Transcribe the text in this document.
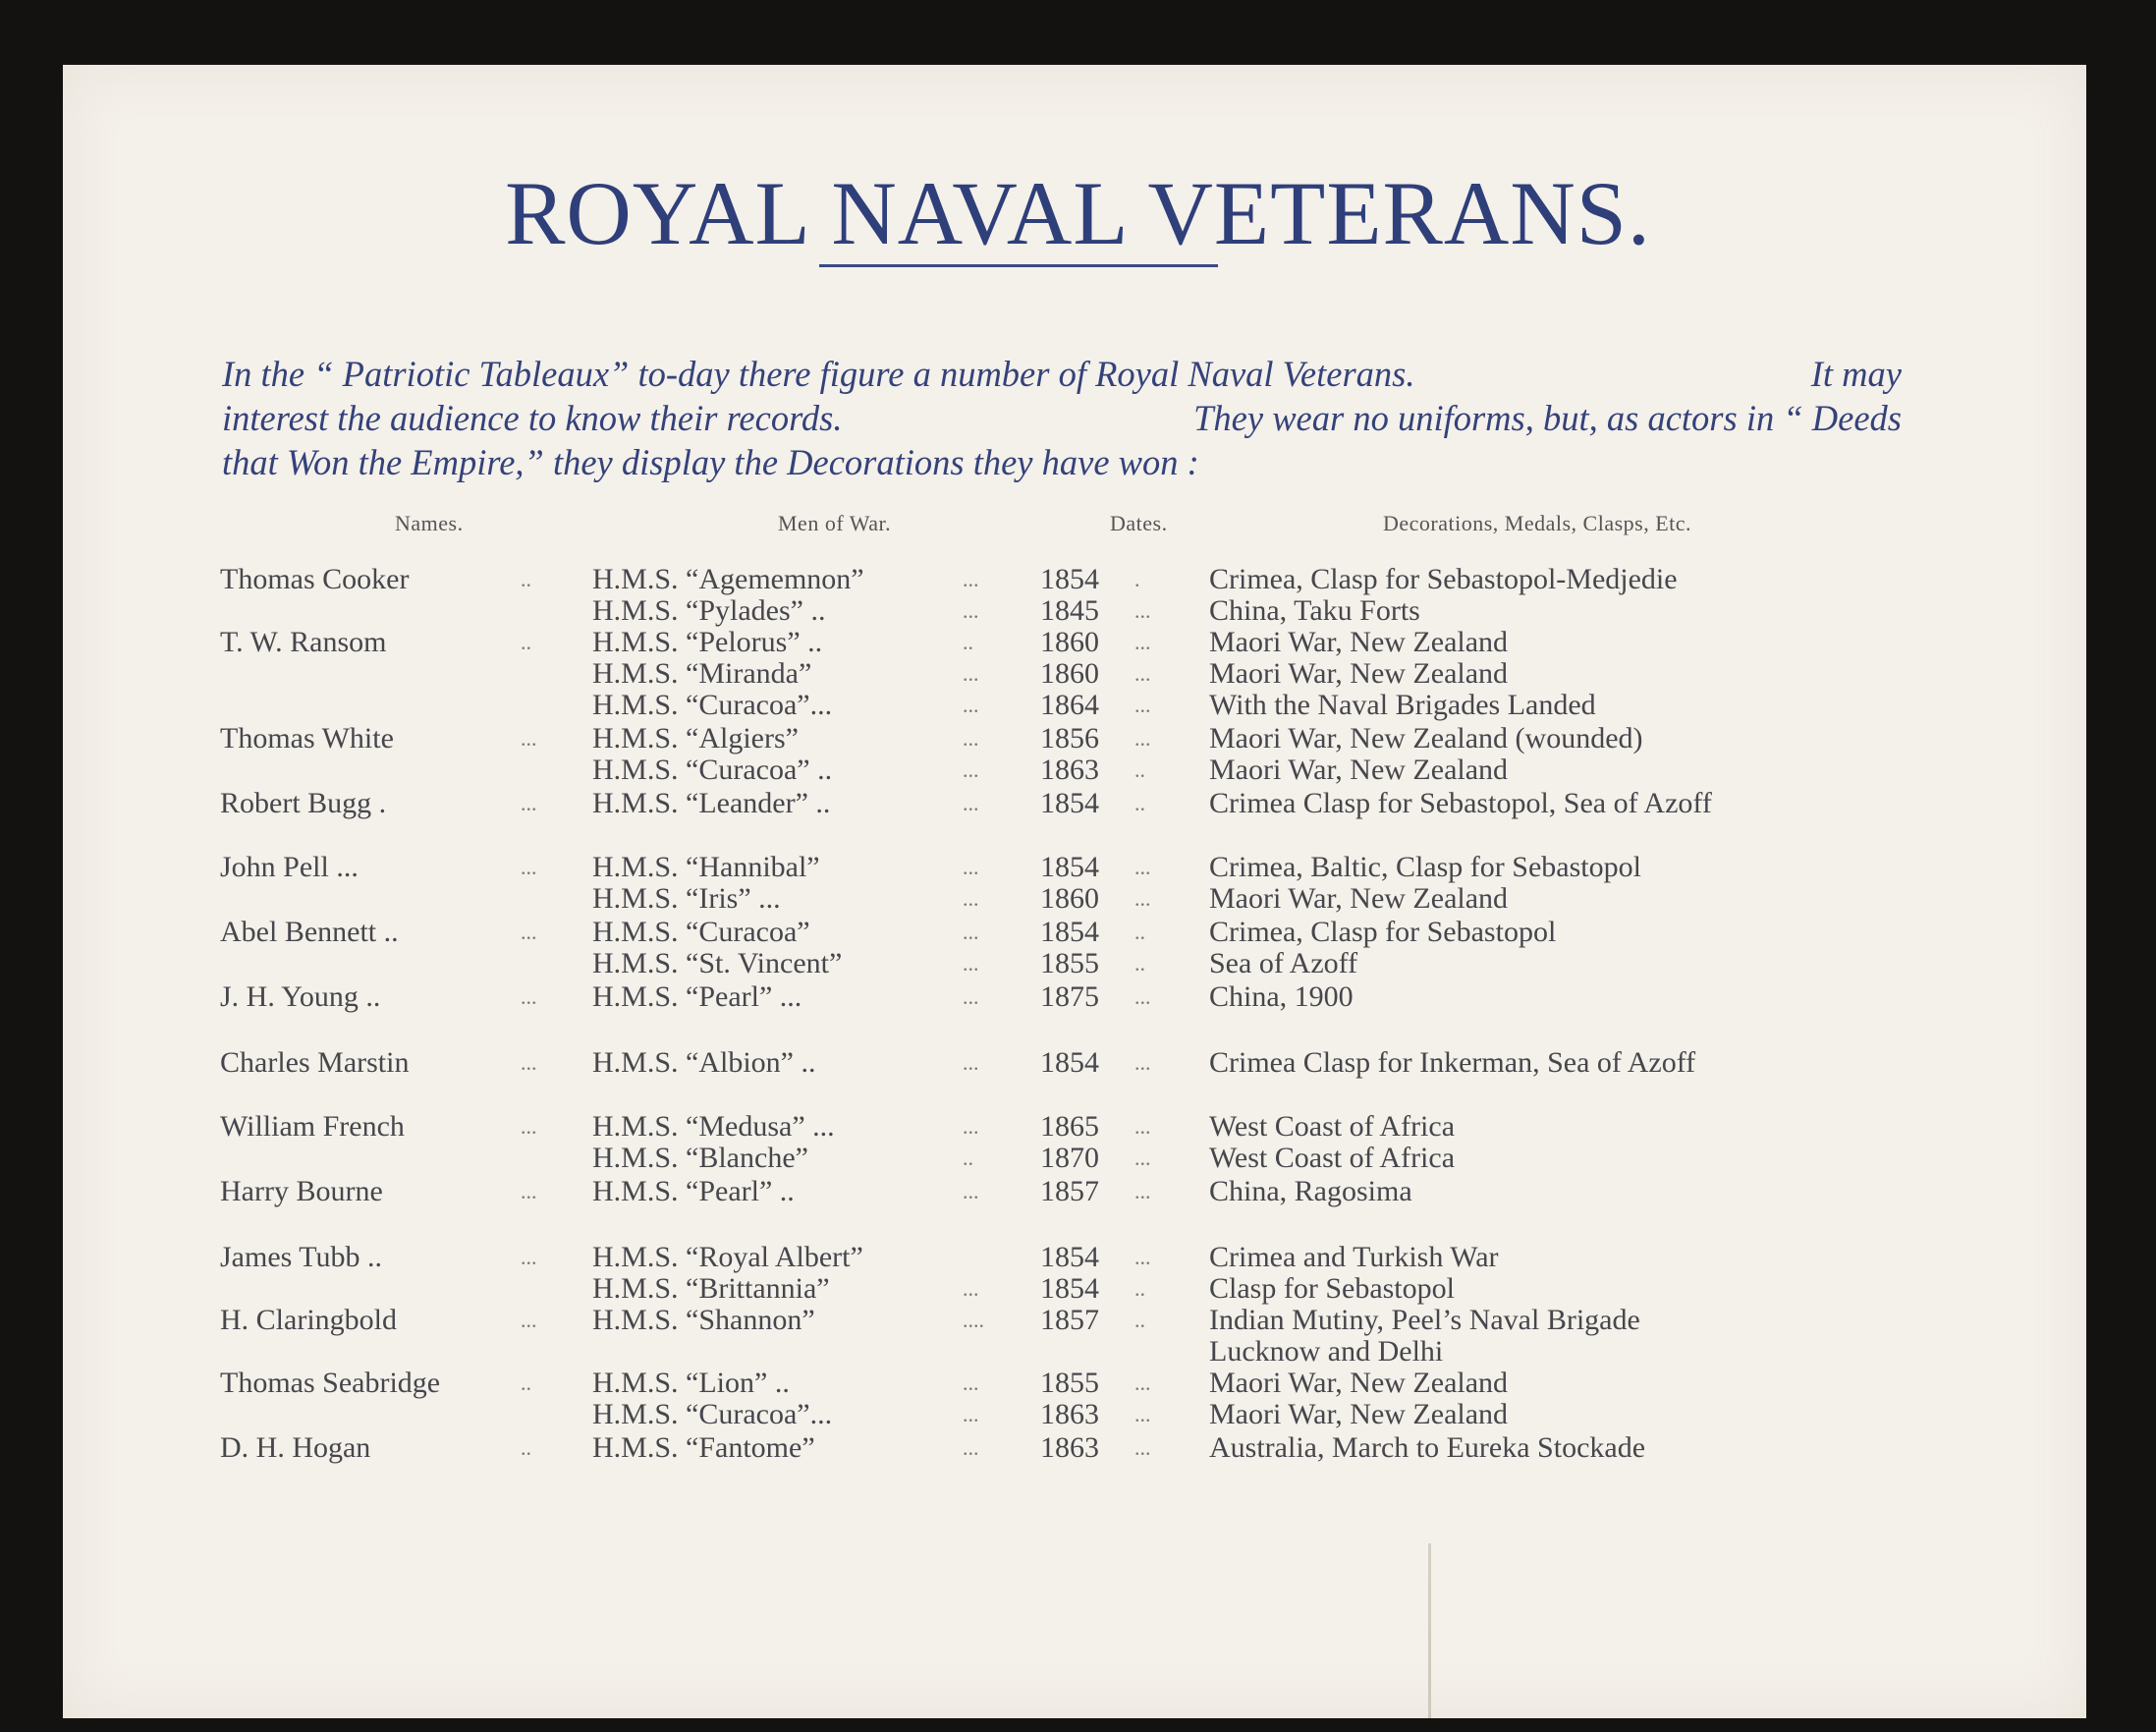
ROYAL NAVAL VETERANS.
In the “ Patriotic Tableaux” to-day there figure a number of Royal Naval Veterans.	It may
interest the audience to know their records.	They wear no uniforms, but, as actors in “ Deeds
that Won the Empire,” they display the Decorations they have won :
Names.	Men of War.	Dates.	Decorations, Medals, Clasps, Etc.
Thomas Cooker	.. H.M.S. “Agememnon”	... 1854 . Crimea, Clasp for Sebastopol-Medjedie
H.M.S. “Pylades” ..	... 1845 ... China, Taku Forts
T. W. Ransom	.. H.M.S. “Pelorus” ..	.. 1860 ... Maori War, New Zealand
H.M.S. “Miranda”	... 1860 ... Maori War, New Zealand
H.M.S. “Curacoa”...	... 1864 ... With the Naval Brigades Landed
Thomas White	... H.M.S. “Algiers”	... 1856 ... Maori War, New Zealand (wounded)
H.M.S. “Curacoa” ..	... 1863 .. Maori War, New Zealand
Robert Bugg .	... H.M.S. “Leander” ..	... 1854 .. Crimea Clasp for Sebastopol, Sea of Azoff
John Pell ...	... H.M.S. “Hannibal”	... 1854 ... Crimea, Baltic, Clasp for Sebastopol
H.M.S. “Iris” ...	... 1860 ... Maori War, New Zealand
Abel Bennett ..	... H.M.S. “Curacoa”	... 1854 .. Crimea, Clasp for Sebastopol
H.M.S. “St. Vincent”	... 1855 .. Sea of Azoff
J. H. Young ..	... H.M.S. “Pearl” ...	... 1875 ... China, 1900
Charles Marstin	... H.M.S. “Albion” ..	... 1854 ... Crimea Clasp for Inkerman, Sea of Azoff
William French	... H.M.S. “Medusa” ...	... 1865 ... West Coast of Africa
H.M.S. “Blanche”	.. 1870 ... West Coast of Africa
Harry Bourne	... H.M.S. “Pearl” ..	... 1857 ... China, Ragosima
James Tubb ..	... H.M.S. “Royal Albert”	1854 ... Crimea and Turkish War
H.M.S. “Brittannia”	... 1854 .. Clasp for Sebastopol
H. Claringbold	... H.M.S. “Shannon”	.... 1857 .. Indian Mutiny, Peel’s Naval Brigade
Lucknow and Delhi
Thomas Seabridge	.. H.M.S. “Lion” ..	... 1855 ... Maori War, New Zealand
H.M.S. “Curacoa”...	... 1863 ... Maori War, New Zealand
D. H. Hogan	.. H.M.S. “Fantome”	... 1863 ... Australia, March to Eureka Stockade
